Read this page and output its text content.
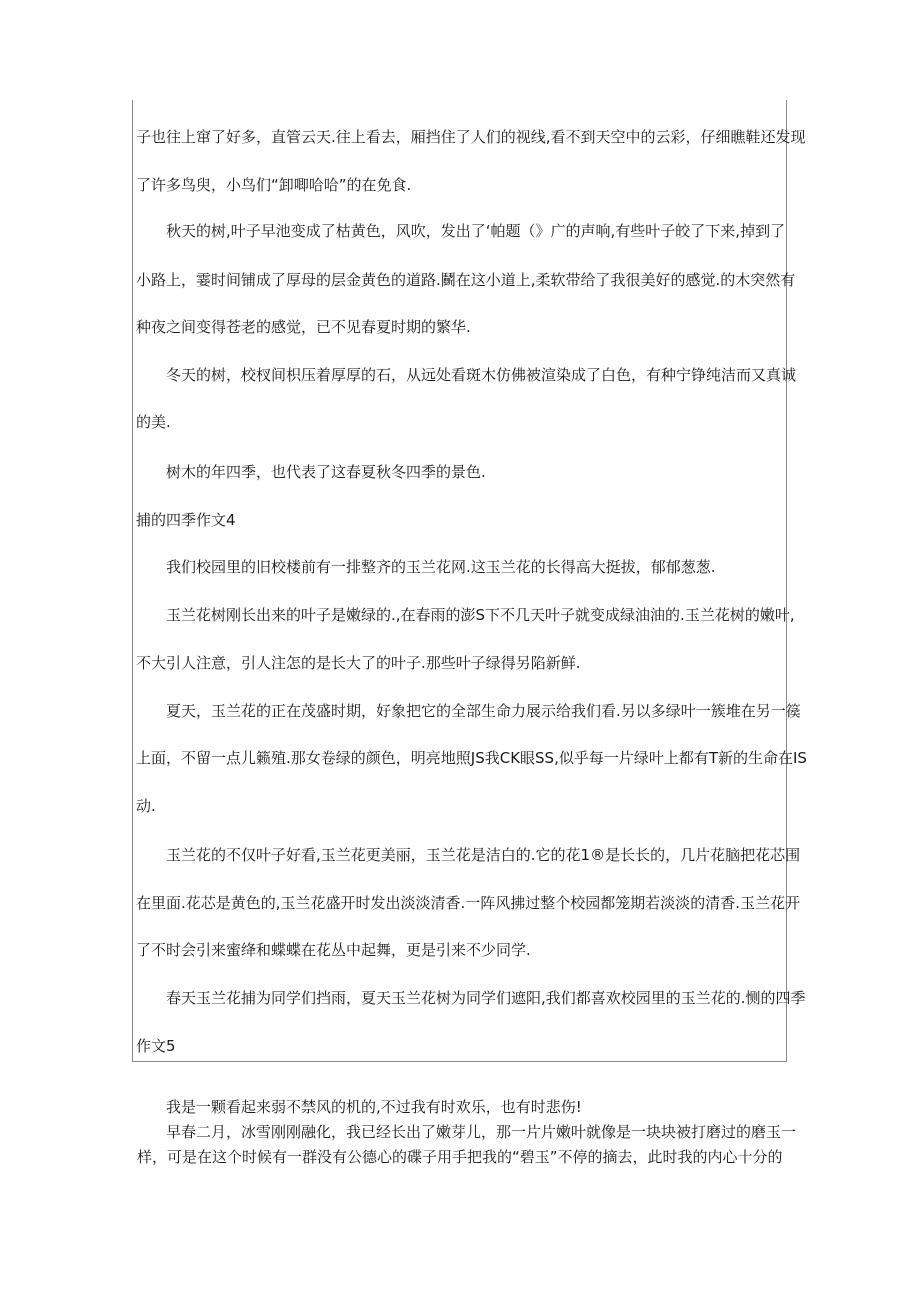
子也往上窜了好多，直管云天.往上看去，厢挡住了人们的视线,看不到天空中的云彩，仔细瞧鞋还发现
了许多鸟臾，小鸟们“卸唧哈哈”的在免食.
秋天的树,叶子早池变成了枯黄色，风吹，发出了‘帕题（》广的声响,有些叶子皎了下来,掉到了
小路上，霎时间铺成了厚母的层金黄色的道路.鬭在这小道上,柔软带给了我很美好的感觉.的木突然有
种夜之间变得苍老的感觉，已不见春夏时期的繁华.
冬天的树，校杈间枳压着厚厚的石，从远处看斑木仿佛被渲染成了白色，有种宁铮纯洁而又真诚
的美.
树木的年四季，也代表了这春夏秋冬四季的景色.
捕的四季作文4
我们校园里的旧校楼前有一排整齐的玉兰花网.这玉兰花的长得高大挺拔，郁郁葱葱.
玉兰花树刚长出来的叶子是嫩绿的.,在春雨的澎S下不几天叶子就变成绿油油的.玉兰花树的嫩叶,
不大引人注意，引人注怎的是长大了的叶子.那些叶子绿得另陷新鲜.
夏天，玉兰花的正在茂盛时期，好象把它的全部生命力展示给我们看.另以多绿叶一簇堆在另一篌
上面，不留一点儿籁殖.那女卷绿的颜色，明亮地照JS我CK眼SS,似乎每一片绿叶上都有T新的生命在IS
动.
玉兰花的不仅叶子好看,玉兰花更美丽，玉兰花是洁白的.它的花1®是长长的，几片花脑把花芯围
在里面.花芯是黄色的,玉兰花盛开时发出淡淡清香.一阵风拂过整个校园都笼期若淡淡的清香.玉兰花开
了不时会引来蜜绛和蝶蝶在花丛中起舞，更是引来不少同学.
春天玉兰花捕为同学们挡雨，夏天玉兰花树为同学们遮阳,我们都喜欢校园里的玉兰花的.恻的四季
作文5
我是一颗看起来弱不禁风的机的,不过我有时欢乐，也有时悲伤!
早春二月，冰雪刚刚融化，我已经长出了嫩芽儿，那一片片嫩叶就像是一块块被打磨过的磨玉一
样，可是在这个时候有一群没有公德心的碟子用手把我的“碧玉”不停的摘去，此时我的内心十分的
